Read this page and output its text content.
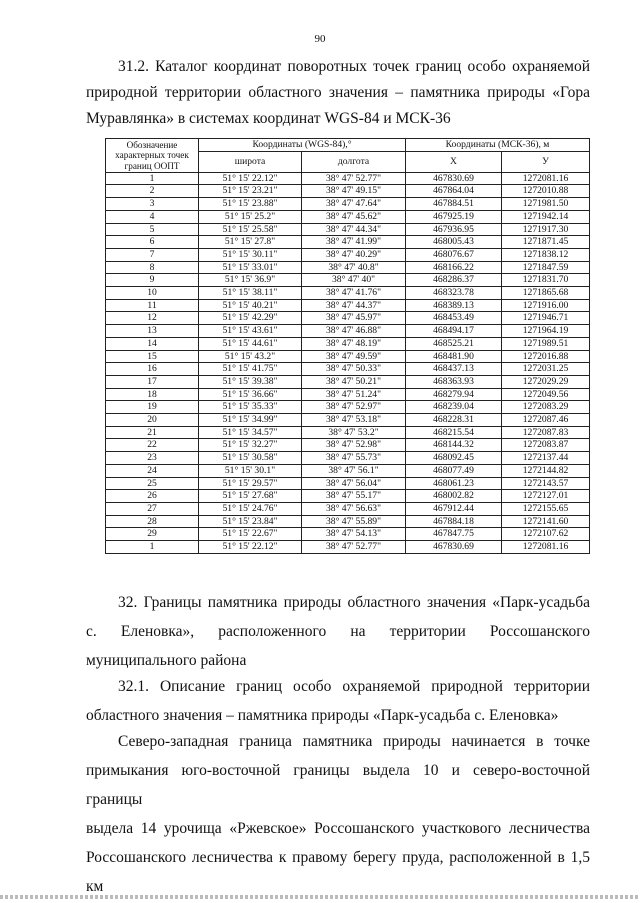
90
31.2. Каталог координат поворотных точек границ особо охраняемой
природной территории областного значения – памятника природы «Гора
Муравлянка» в системах координат WGS-84 и МСК-36
Обозначение характерных точек границ ООПТ	Координаты (WGS-84),°		Координаты (МСК-36), м	
	широта	долгота	X	У
1	51° 15' 22.12"	38° 47' 52.77"	467830.69	1272081.16
2	51° 15' 23.21"	38° 47' 49.15"	467864.04	1272010.88
3	51° 15' 23.88"	38° 47' 47.64"	467884.51	1271981.50
4	51° 15' 25.2"	38° 47' 45.62"	467925.19	1271942.14
5	51° 15' 25.58"	38° 47' 44.34"	467936.95	1271917.30
6	51° 15' 27.8"	38° 47' 41.99"	468005.43	1271871.45
7	51° 15' 30.11"	38° 47' 40.29"	468076.67	1271838.12
8	51° 15' 33.01"	38° 47' 40.8"	468166.22	1271847.59
9	51° 15' 36.9"	38° 47' 40"	468286.37	1271831.70
10	51° 15' 38.11"	38° 47' 41.76"	468323.78	1271865.68
11	51° 15' 40.21"	38° 47' 44.37"	468389.13	1271916.00
12	51° 15' 42.29"	38° 47' 45.97"	468453.49	1271946.71
13	51° 15' 43.61"	38° 47' 46.88"	468494.17	1271964.19
14	51° 15' 44.61"	38° 47' 48.19"	468525.21	1271989.51
15	51° 15' 43.2"	38° 47' 49.59"	468481.90	1272016.88
16	51° 15' 41.75"	38° 47' 50.33"	468437.13	1272031.25
17	51° 15' 39.38"	38° 47' 50.21"	468363.93	1272029.29
18	51° 15' 36.66"	38° 47' 51.24"	468279.94	1272049.56
19	51° 15' 35.33"	38° 47' 52.97"	468239.04	1272083.29
20	51° 15' 34.99"	38° 47' 53.18"	468228.31	1272087.46
21	51° 15' 34.57"	38° 47' 53.2"	468215.54	1272087.83
22	51° 15' 32.27"	38° 47' 52.98"	468144.32	1272083.87
23	51° 15' 30.58"	38° 47' 55.73"	468092.45	1272137.44
24	51° 15' 30.1"	38° 47' 56.1"	468077.49	1272144.82
25	51° 15' 29.57"	38° 47' 56.04"	468061.23	1272143.57
26	51° 15' 27.68"	38° 47' 55.17"	468002.82	1272127.01
27	51° 15' 24.76"	38° 47' 56.63"	467912.44	1272155.65
28	51° 15' 23.84"	38° 47' 55.89"	467884.18	1272141.60
29	51° 15' 22.67"	38° 47' 54.13"	467847.75	1272107.62
1	51° 15' 22.12"	38° 47' 52.77"	467830.69	1272081.16
32. Границы памятника природы областного значения «Парк-усадьба
с. Еленовка», расположенного на территории Россошанского
муниципального района
32.1. Описание границ особо охраняемой природной территории
областного значения – памятника природы «Парк-усадьба с. Еленовка»
Северо-западная граница памятника природы начинается в точке
примыкания юго-восточной границы выдела 10 и северо-восточной границы
выдела 14 урочища «Ржевское» Россошанского участкового лесничества
Россошанского лесничества к правому берегу пруда, расположенной в 1,5 км
